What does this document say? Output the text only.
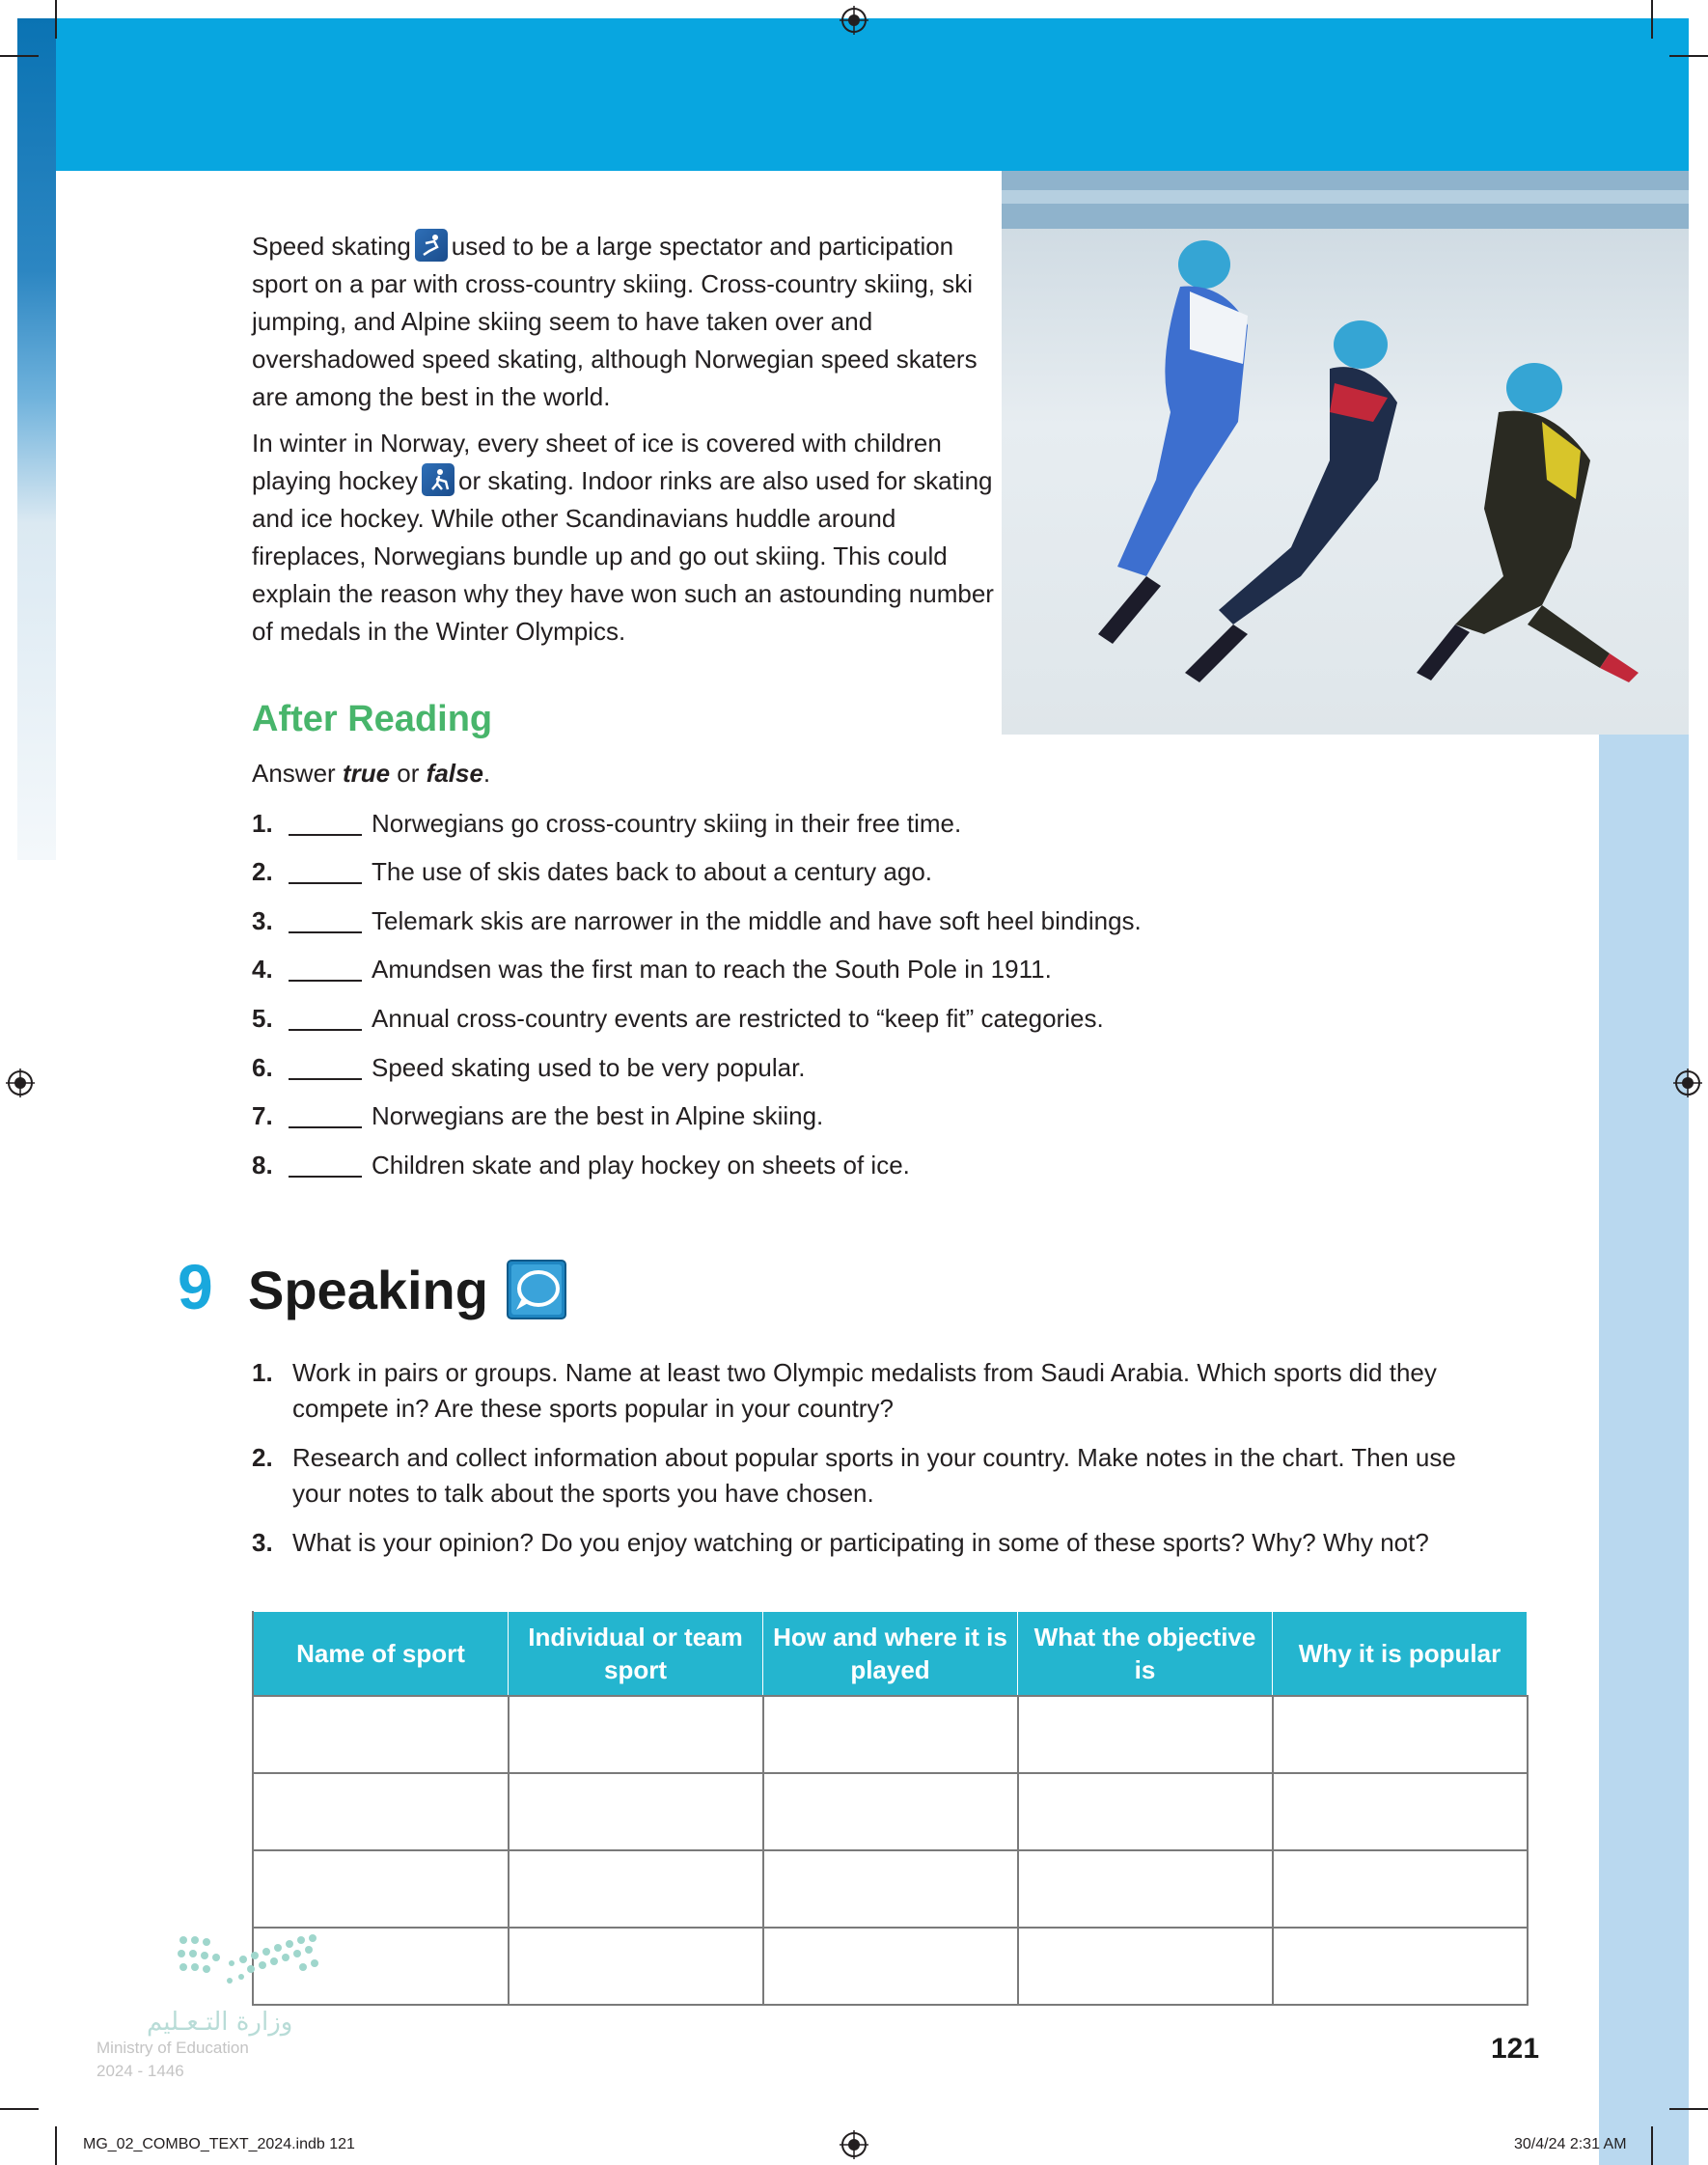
Speed skating used to be a large spectator and participation sport on a par with cross-country skiing. Cross-country skiing, ski jumping, and Alpine skiing seem to have taken over and overshadowed speed skating, although Norwegian speed skaters are among the best in the world.

In winter in Norway, every sheet of ice is covered with children playing hockey or skating. Indoor rinks are also used for skating and ice hockey. While other Scandinavians huddle around fireplaces, Norwegians bundle up and go out skiing. This could explain the reason why they have won such an astounding number of medals in the Winter Olympics.

After Reading
Answer true or false.
1.	Norwegians go cross-country skiing in their free time.
2.	The use of skis dates back to about a century ago.
3.	Telemark skis are narrower in the middle and have soft heel bindings.
4.	Amundsen was the first man to reach the South Pole in 1911.
5.	Annual cross-country events are restricted to “keep fit” categories.
6.	Speed skating used to be very popular.
7.	Norwegians are the best in Alpine skiing.
8.	Children skate and play hockey on sheets of ice.
9 Speaking
1. Work in pairs or groups. Name at least two Olympic medalists from Saudi Arabia. Which sports did they compete in? Are these sports popular in your country?
2. Research and collect information about popular sports in your country. Make notes in the chart. Then use your notes to talk about the sports you have chosen.
3. What is your opinion? Do you enjoy watching or participating in some of these sports? Why? Why not?
Name of sport	Individual or team sport	How and where it is played	What the objective is	Why it is popular

وزارة التـعـليم
Ministry of Education
2024 - 1446
121
MG_02_COMBO_TEXT_2024.indb 121	30/4/24 2:31 AM
